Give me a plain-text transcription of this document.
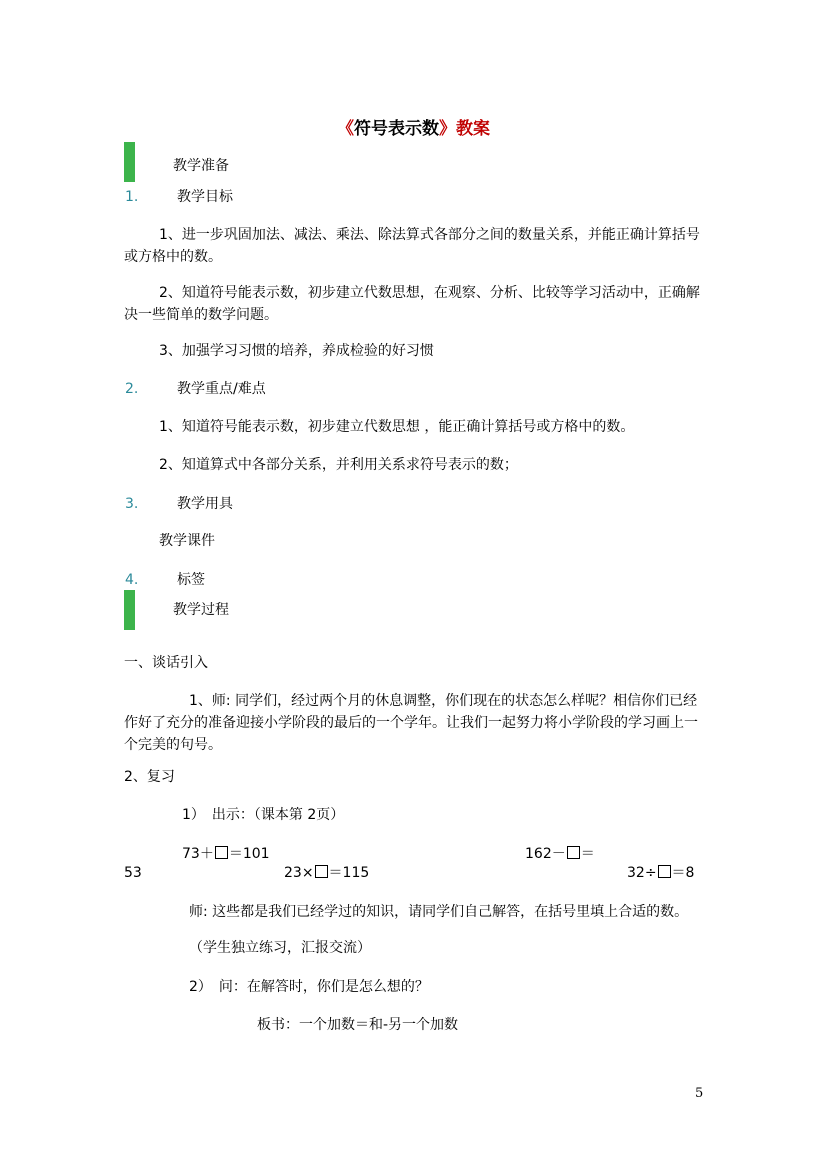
《符号表示数》教案
教学准备
1.	教学目标
1、进一步巩固加法、减法、乘法、除法算式各部分之间的数量关系，并能正确计算括号或方格中的数。
2、知道符号能表示数，初步建立代数思想，在观察、分析、比较等学习活动中，正确解决一些简单的数学问题。
3、加强学习习惯的培养，养成检验的好习惯
2.	教学重点/难点
1、知道符号能表示数，初步建立代数思想 ，能正确计算括号或方格中的数。
2、知道算式中各部分关系，并利用关系求符号表示的数；
3.	教学用具
教学课件
4.	标签
教学过程
一、谈话引入
1、师: 同学们，经过两个月的休息调整，你们现在的状态怎么样呢？相信你们已经作好了充分的准备迎接小学阶段的最后的一个学年。让我们一起努力将小学阶段的学习画上一个完美的句号。
2、复习
1）　出示：（课本第 2页）
73＋ ＝101	162－ ＝
53	23× ＝115	32÷ ＝8
师: 这些都是我们已经学过的知识，请同学们自己解答，在括号里填上合适的数。
（学生独立练习，汇报交流）
2）　问：在解答时，你们是怎么想的？
板书：一个加数＝和-另一个加数
5
